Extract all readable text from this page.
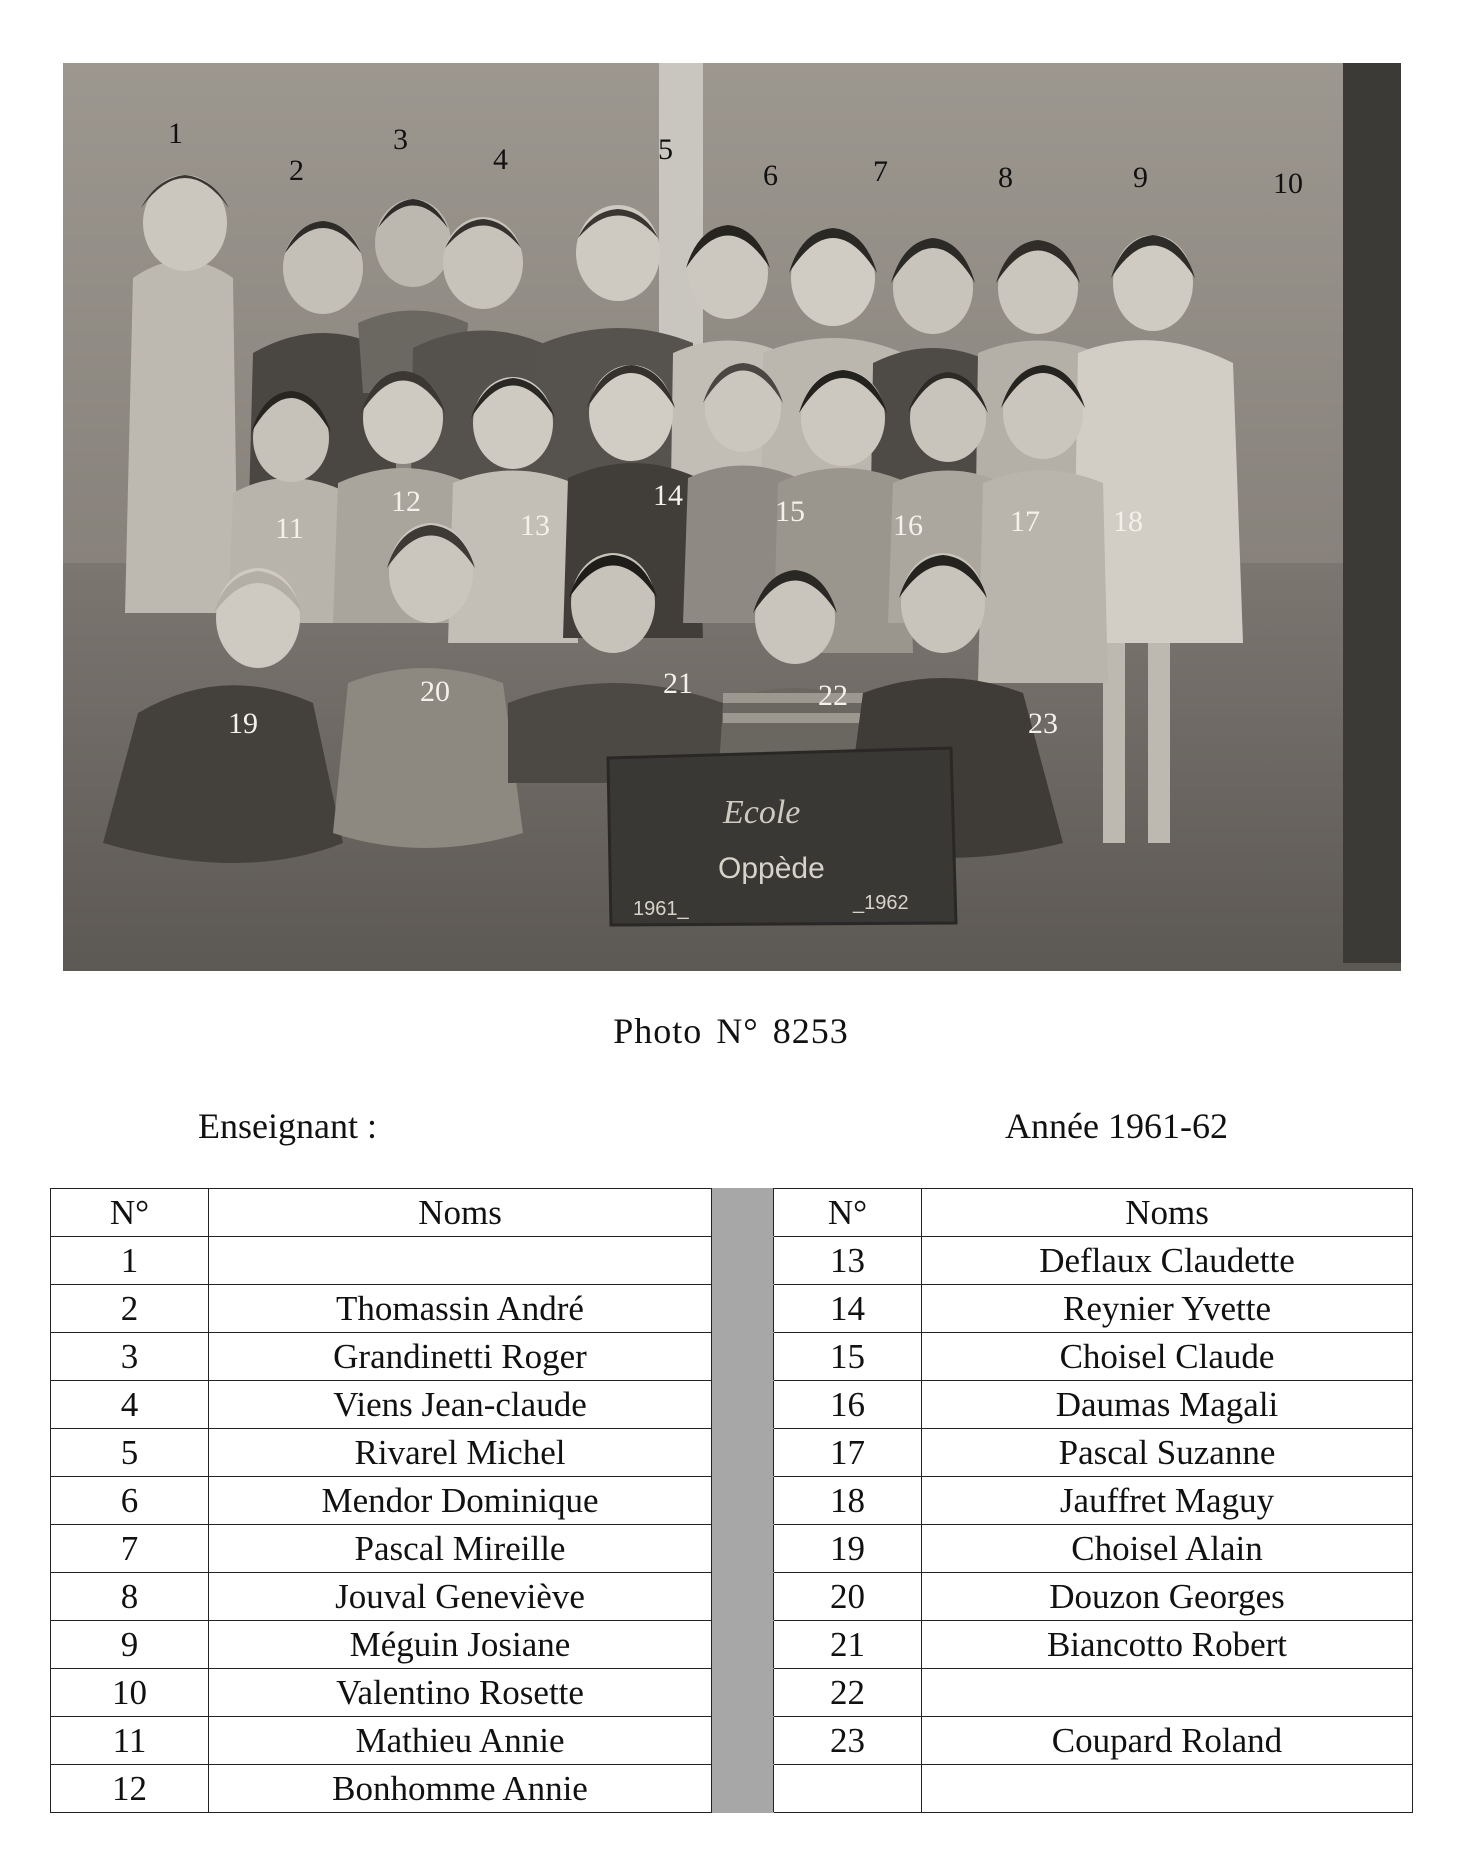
Ecole
Oppède
1961_	_1962
1
2
3
4	5
6	7	8	9	10
11
12
13
14	15	16	17 18
19
20	21	22
23
Photo N° 8253
Enseignant :	Année 1961-62
N°	Noms		N°	Noms
1			13	Deflaux Claudette
2	Thomassin André		14	Reynier Yvette
3	Grandinetti Roger		15	Choisel Claude
4	Viens Jean-claude		16	Daumas Magali
5	Rivarel Michel		17	Pascal Suzanne
6	Mendor Dominique		18	Jauffret Maguy
7	Pascal Mireille		19	Choisel Alain
8	Jouval Geneviève		20	Douzon Georges
9	Méguin Josiane		21	Biancotto Robert
10	Valentino Rosette		22	
11	Mathieu Annie		23	Coupard Roland
12	Bonhomme Annie			
